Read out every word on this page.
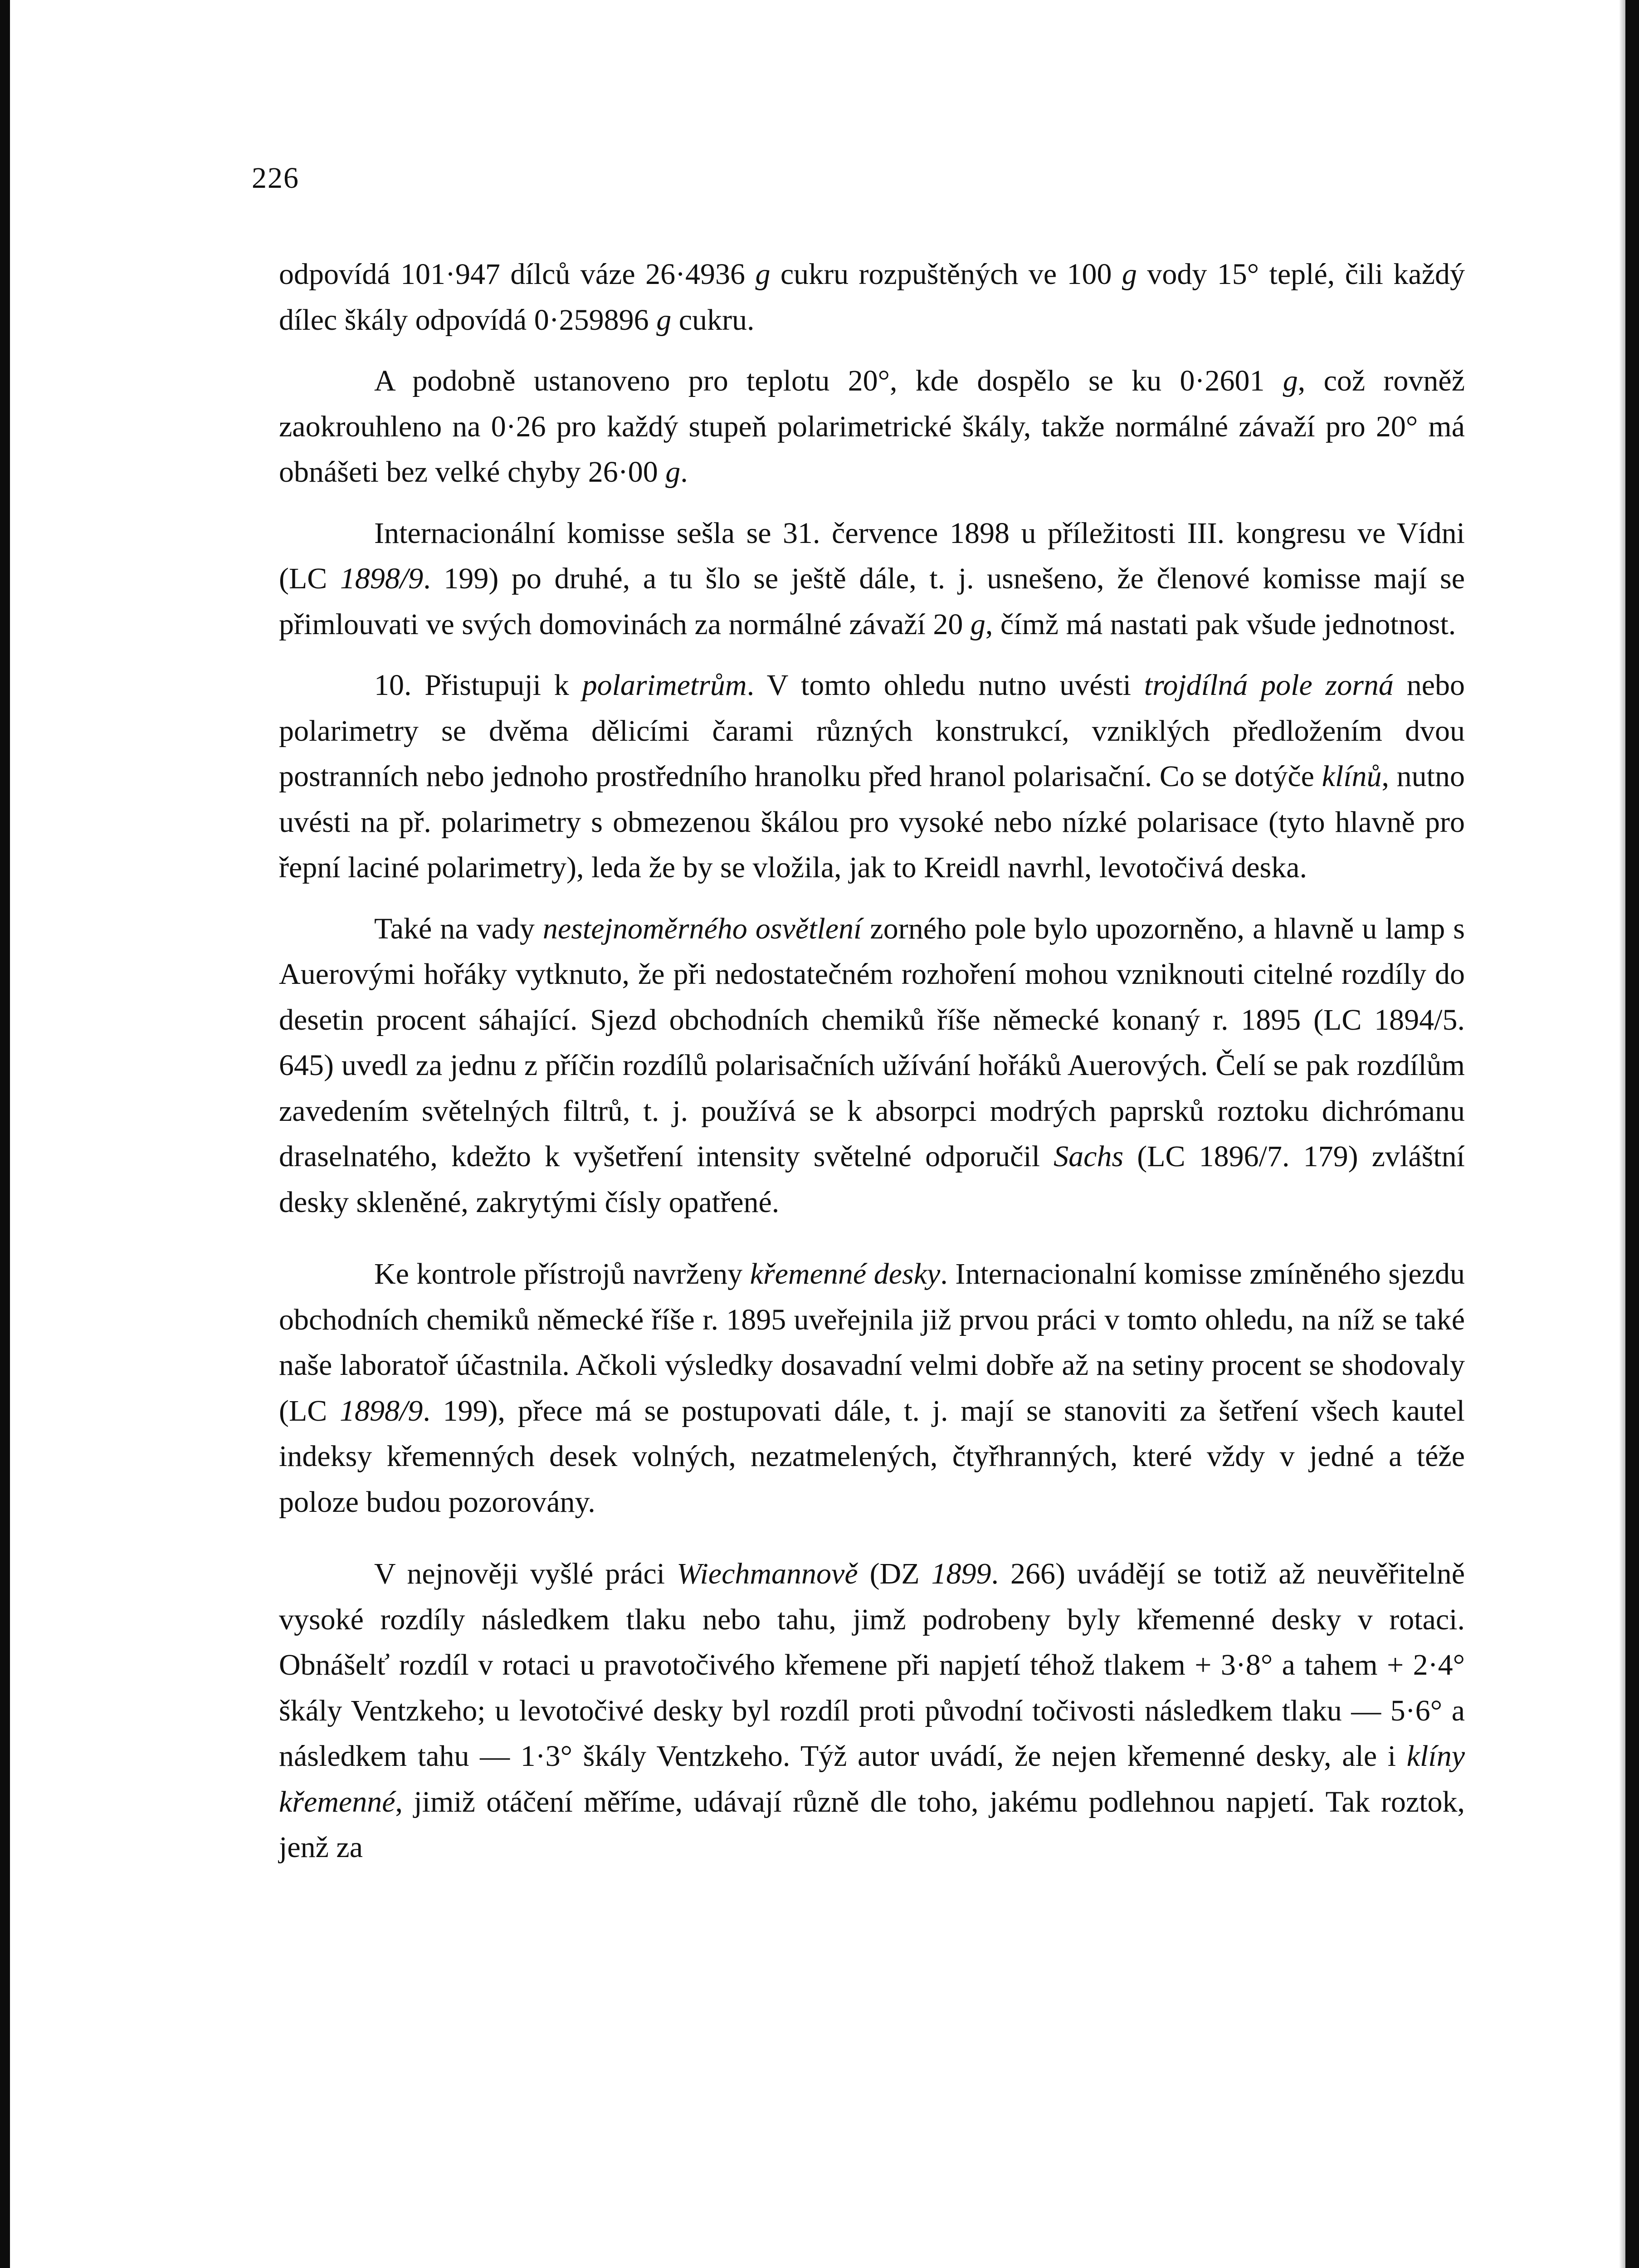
226

odpovídá 101·947 dílců váze 26·4936 g cukru rozpuštěných ve 100 g vody 15° teplé, čili každý dílec škály odpovídá 0·259896 g cukru.

A podobně ustanoveno pro teplotu 20°, kde dospělo se ku 0·2601 g, což rovněž zaokrouhleno na 0·26 pro každý stupeň polarimetrické škály, takže normálné závaží pro 20° má obnášeti bez velké chyby 26·00 g.

Internacionální komisse sešla se 31. července 1898 u příležitosti III. kongresu ve Vídni (LC 1898/9. 199) po druhé, a tu šlo se ještě dále, t. j. usnešeno, že členové komisse mají se přimlouvati ve svých domovinách za normálné závaží 20 g, čímž má nastati pak všude jednotnost.

10. Přistupuji k polarimetrům. V tomto ohledu nutno uvésti trojdílná pole zorná nebo polarimetry se dvěma dělicími čarami různých konstrukcí, vzniklých předložením dvou postranních nebo jednoho prostředního hranolku před hranol polarisační. Co se dotýče klínů, nutno uvésti na př. polarimetry s obmezenou škálou pro vysoké nebo nízké polarisace (tyto hlavně pro řepní laciné polarimetry), leda že by se vložila, jak to Kreidl navrhl, levotočivá deska.

Také na vady nestejnoměrného osvětlení zorného pole bylo upozorněno, a hlavně u lamp s Auerovými hořáky vytknuto, že při nedostatečném rozhoření mohou vzniknouti citelné rozdíly do desetin procent sáhající. Sjezd obchodních chemiků říše německé konaný r. 1895 (LC 1894/5. 645) uvedl za jednu z příčin rozdílů polarisačních užívání hořáků Auerových. Čelí se pak rozdílům zavedením světelných filtrů, t. j. používá se k absorpci modrých paprsků roztoku dichrómanu draselnatého, kdežto k vyšetření intensity světelné odporučil Sachs (LC 1896/7. 179) zvláštní desky skleněné, zakrytými čísly opatřené.

Ke kontrole přístrojů navrženy křemenné desky. Internacionalní komisse zmíněného sjezdu obchodních chemiků německé říše r. 1895 uveřejnila již prvou práci v tomto ohledu, na níž se také naše laboratoř účastnila. Ačkoli výsledky dosavadní velmi dobře až na setiny procent se shodovaly (LC 1898/9. 199), přece má se postupovati dále, t. j. mají se stanoviti za šetření všech kautel indeksy křemenných desek volných, nezatmelených, čtyřhranných, které vždy v jedné a téže poloze budou pozorovány.

V nejnověji vyšlé práci Wiechmannově (DZ 1899. 266) uvádějí se totiž až neuvěřitelně vysoké rozdíly následkem tlaku nebo tahu, jimž podrobeny byly křemenné desky v rotaci. Obnášelť rozdíl v rotaci u pravotočivého křemene při napjetí téhož tlakem + 3·8° a tahem + 2·4° škály Ventzkeho; u levotočivé desky byl rozdíl proti původní točivosti následkem tlaku — 5·6° a následkem tahu — 1·3° škály Ventzkeho. Týž autor uvádí, že nejen křemenné desky, ale i klíny křemenné, jimiž otáčení měříme, udávají různě dle toho, jakému podlehnou napjetí. Tak roztok, jenž za
